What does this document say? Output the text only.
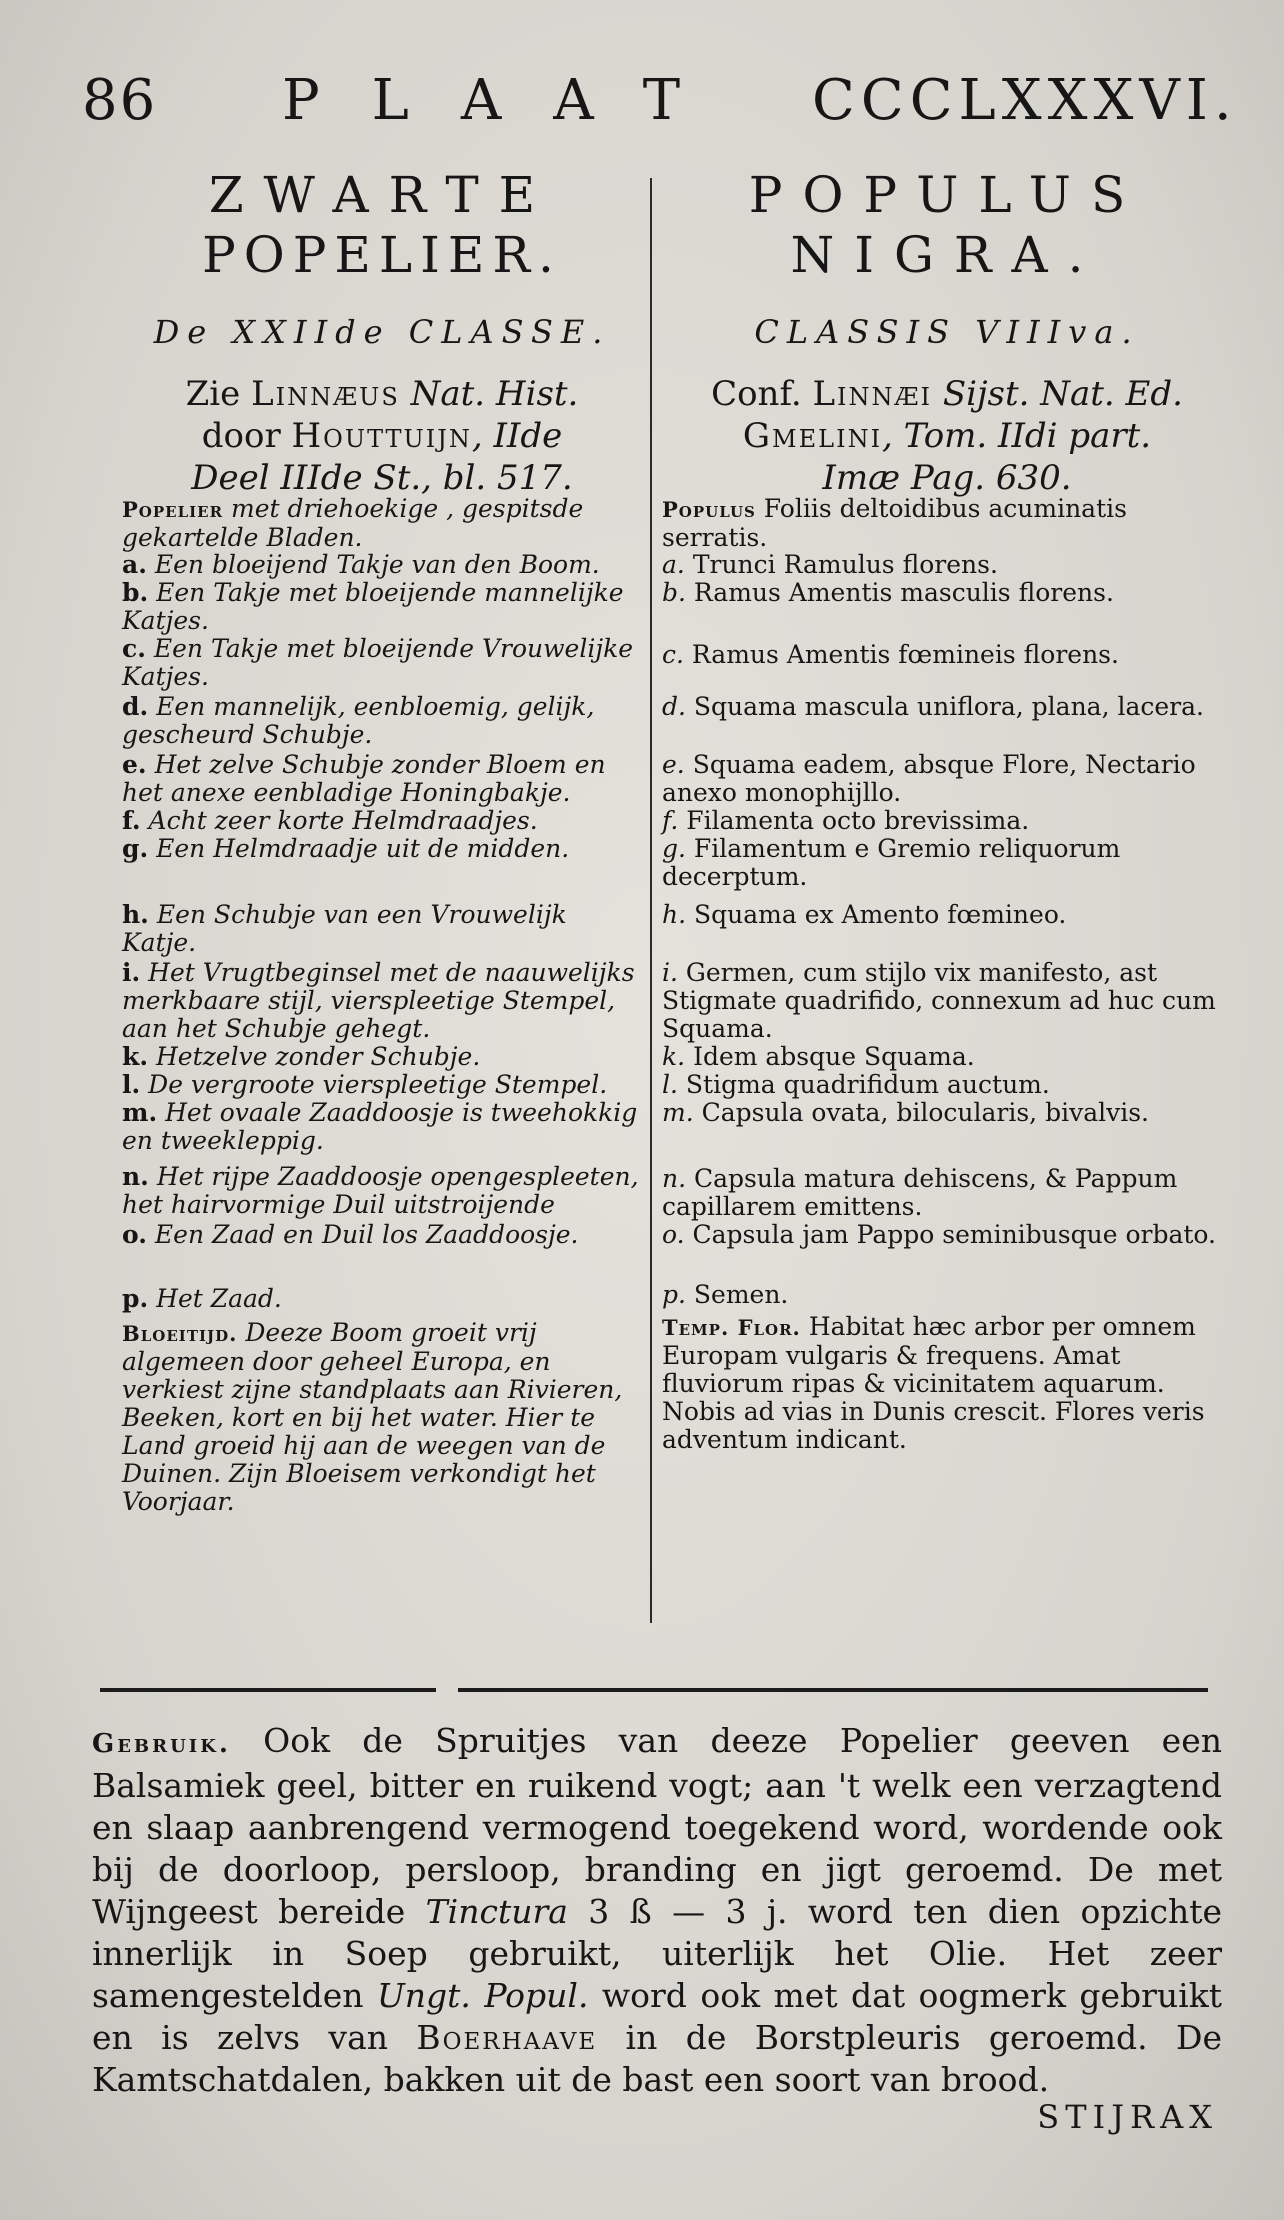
86 PLAAT CCCLXXXVI.

ZWARTE

POPELIER.

De XXIIde CLASSE.
Zie Linnæus Nat. Hist.
door Houttuijn, IIde
Deel IIIde St., bl. 517.
Popelier met driehoekige , gespitsde gekartelde Bladen.
a. Een bloeijend Takje van den Boom.
b. Een Takje met bloeijende mannelijke Katjes.
c. Een Takje met bloeijende Vrouwelijke Katjes.
d. Een mannelijk, eenbloemig, gelijk, gescheurd Schubje.
e. Het zelve Schubje zonder Bloem en het anexe eenbladige Honingbakje.
f. Acht zeer korte Helmdraadjes.
g. Een Helmdraadje uit de midden.
h. Een Schubje van een Vrouwelijk Katje.
i. Het Vrugtbeginsel met de naauwelijks merkbaare stijl, vierspleetige Stempel, aan het Schubje gehegt.
k. Hetzelve zonder Schubje.
l. De vergroote vierspleetige Stempel.
m. Het ovaale Zaaddoosje is tweehokkig en tweekleppig.
n. Het rijpe Zaaddoosje opengespleeten, het hairvormige Duil uitstroijende
o. Een Zaad en Duil los Zaaddoosje.
p. Het Zaad.
Bloeitijd. Deeze Boom groeit vrij algemeen door geheel Europa, en verkiest zijne standplaats aan Rivieren, Beeken, kort en bij het water. Hier te Land groeid hij aan de weegen van de Duinen. Zijn Bloeisem verkondigt het Voorjaar.

POPULUS

NIGRA.

CLASSIS VIIIva.
Conf. Linnæi Sijst. Nat. Ed.
Gmelini, Tom. IIdi part.
Imæ Pag. 630.
Populus Foliis deltoidibus acuminatis serratis.
a. Trunci Ramulus florens.
b. Ramus Amentis masculis florens.
c. Ramus Amentis fœmineis florens.
d. Squama mascula uniflora, plana, lacera.
e. Squama eadem, absque Flore, Nectario anexo monophijllo.
f. Filamenta octo brevissima.
g. Filamentum e Gremio reliquorum decerptum.
h. Squama ex Amento fœmineo.
i. Germen, cum stijlo vix manifesto, ast Stigmate quadrifido, connexum ad huc cum Squama.
k. Idem absque Squama.
l. Stigma quadrifidum auctum.
m. Capsula ovata, bilocularis, bivalvis.
n. Capsula matura dehiscens, & Pappum capillarem emittens.
o. Capsula jam Pappo seminibusque orbato.
p. Semen.
Temp. Flor. Habitat hæc arbor per omnem Europam vulgaris & frequens. Amat fluviorum ripas & vicinitatem aquarum. Nobis ad vias in Dunis crescit. Flores veris adventum indicant.
Gebruik. Ook de Spruitjes van deeze Popelier geeven een Balsamiek geel, bitter en ruikend vogt; aan 't welk een verzagtend en slaap aanbrengend vermogend toegekend word, wordende ook bij de doorloop, persloop, branding en jigt geroemd. De met Wijngeest bereide Tinctura 3 ß — 3 j. word ten dien opzichte innerlijk in Soep gebruikt, uiterlijk het Olie. Het zeer samengestelden Ungt. Popul. word ook met dat oogmerk gebruikt en is zelvs van Boerhaave in de Borstpleuris geroemd. De Kamtschatdalen, bakken uit de bast een soort van brood.
STIJRAX
